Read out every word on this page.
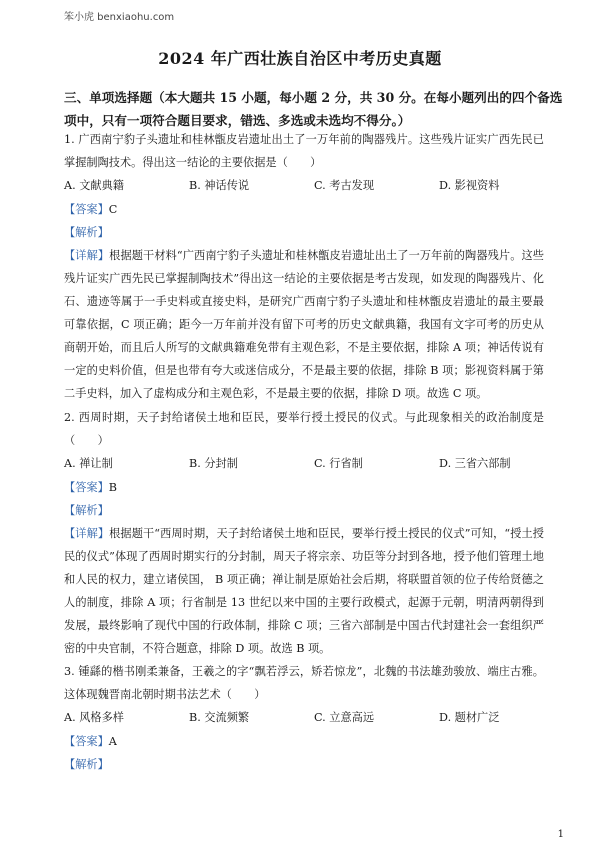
笨小虎 benxiaohu.com
2024 年广西壮族自治区中考历史真题
三、单项选择题（本大题共 15 小题，每小题 2 分，共 30 分。在每小题列出的四个备选项中，只有一项符合题目要求，错选、多选或未选均不得分。）

1. 广西南宁豹子头遗址和桂林甑皮岩遗址出土了一万年前的陶器残片。这些残片证实广西先民已掌握制陶技术。得出这一结论的主要依据是（　　）

A. 文献典籍	B. 神话传说	C. 考古发现	D. 影视资料

【答案】C

【解析】

【详解】根据题干材料“广西南宁豹子头遗址和桂林甑皮岩遗址出土了一万年前的陶器残片。这些残片证实广西先民已掌握制陶技术”得出这一结论的主要依据是考古发现，如发现的陶器残片、化石、遗迹等属于一手史料或直接史料，是研究广西南宁豹子头遗址和桂林甑皮岩遗址的最主要最可靠依据，C 项正确；距今一万年前并没有留下可考的历史文献典籍，我国有文字可考的历史从商朝开始，而且后人所写的文献典籍难免带有主观色彩，不是主要依据，排除 A 项；神话传说有一定的史料价值，但是也带有夸大或迷信成分，不是最主要的依据，排除 B 项；影视资料属于第二手史料，加入了虚构成分和主观色彩，不是最主要的依据，排除 D 项。故选 C 项。

2. 西周时期，天子封给诸侯土地和臣民，要举行授土授民的仪式。与此现象相关的政治制度是（　　）

A. 禅让制	B. 分封制	C. 行省制	D. 三省六部制

【答案】B

【解析】

【详解】根据题干“西周时期，天子封给诸侯土地和臣民，要举行授土授民的仪式”可知，“授土授民的仪式”体现了西周时期实行的分封制，周天子将宗亲、功臣等分封到各地，授予他们管理土地和人民的权力，建立诸侯国， B 项正确；禅让制是原始社会后期，将联盟首领的位子传给贤德之人的制度，排除 A 项；行省制是 13 世纪以来中国的主要行政模式，起源于元朝，明清两朝得到发展，最终影响了现代中国的行政体制，排除 C 项；三省六部制是中国古代封建社会一套组织严密的中央官制，不符合题意，排除 D 项。故选 B 项。

3. 锺繇的楷书刚柔兼备，王羲之的字“飘若浮云，矫若惊龙”，北魏的书法雄劲骏放、端庄古雅。这体现魏晋南北朝时期书法艺术（　　）

A. 风格多样	B. 交流频繁	C. 立意高远	D. 题材广泛

【答案】A

【解析】

1
